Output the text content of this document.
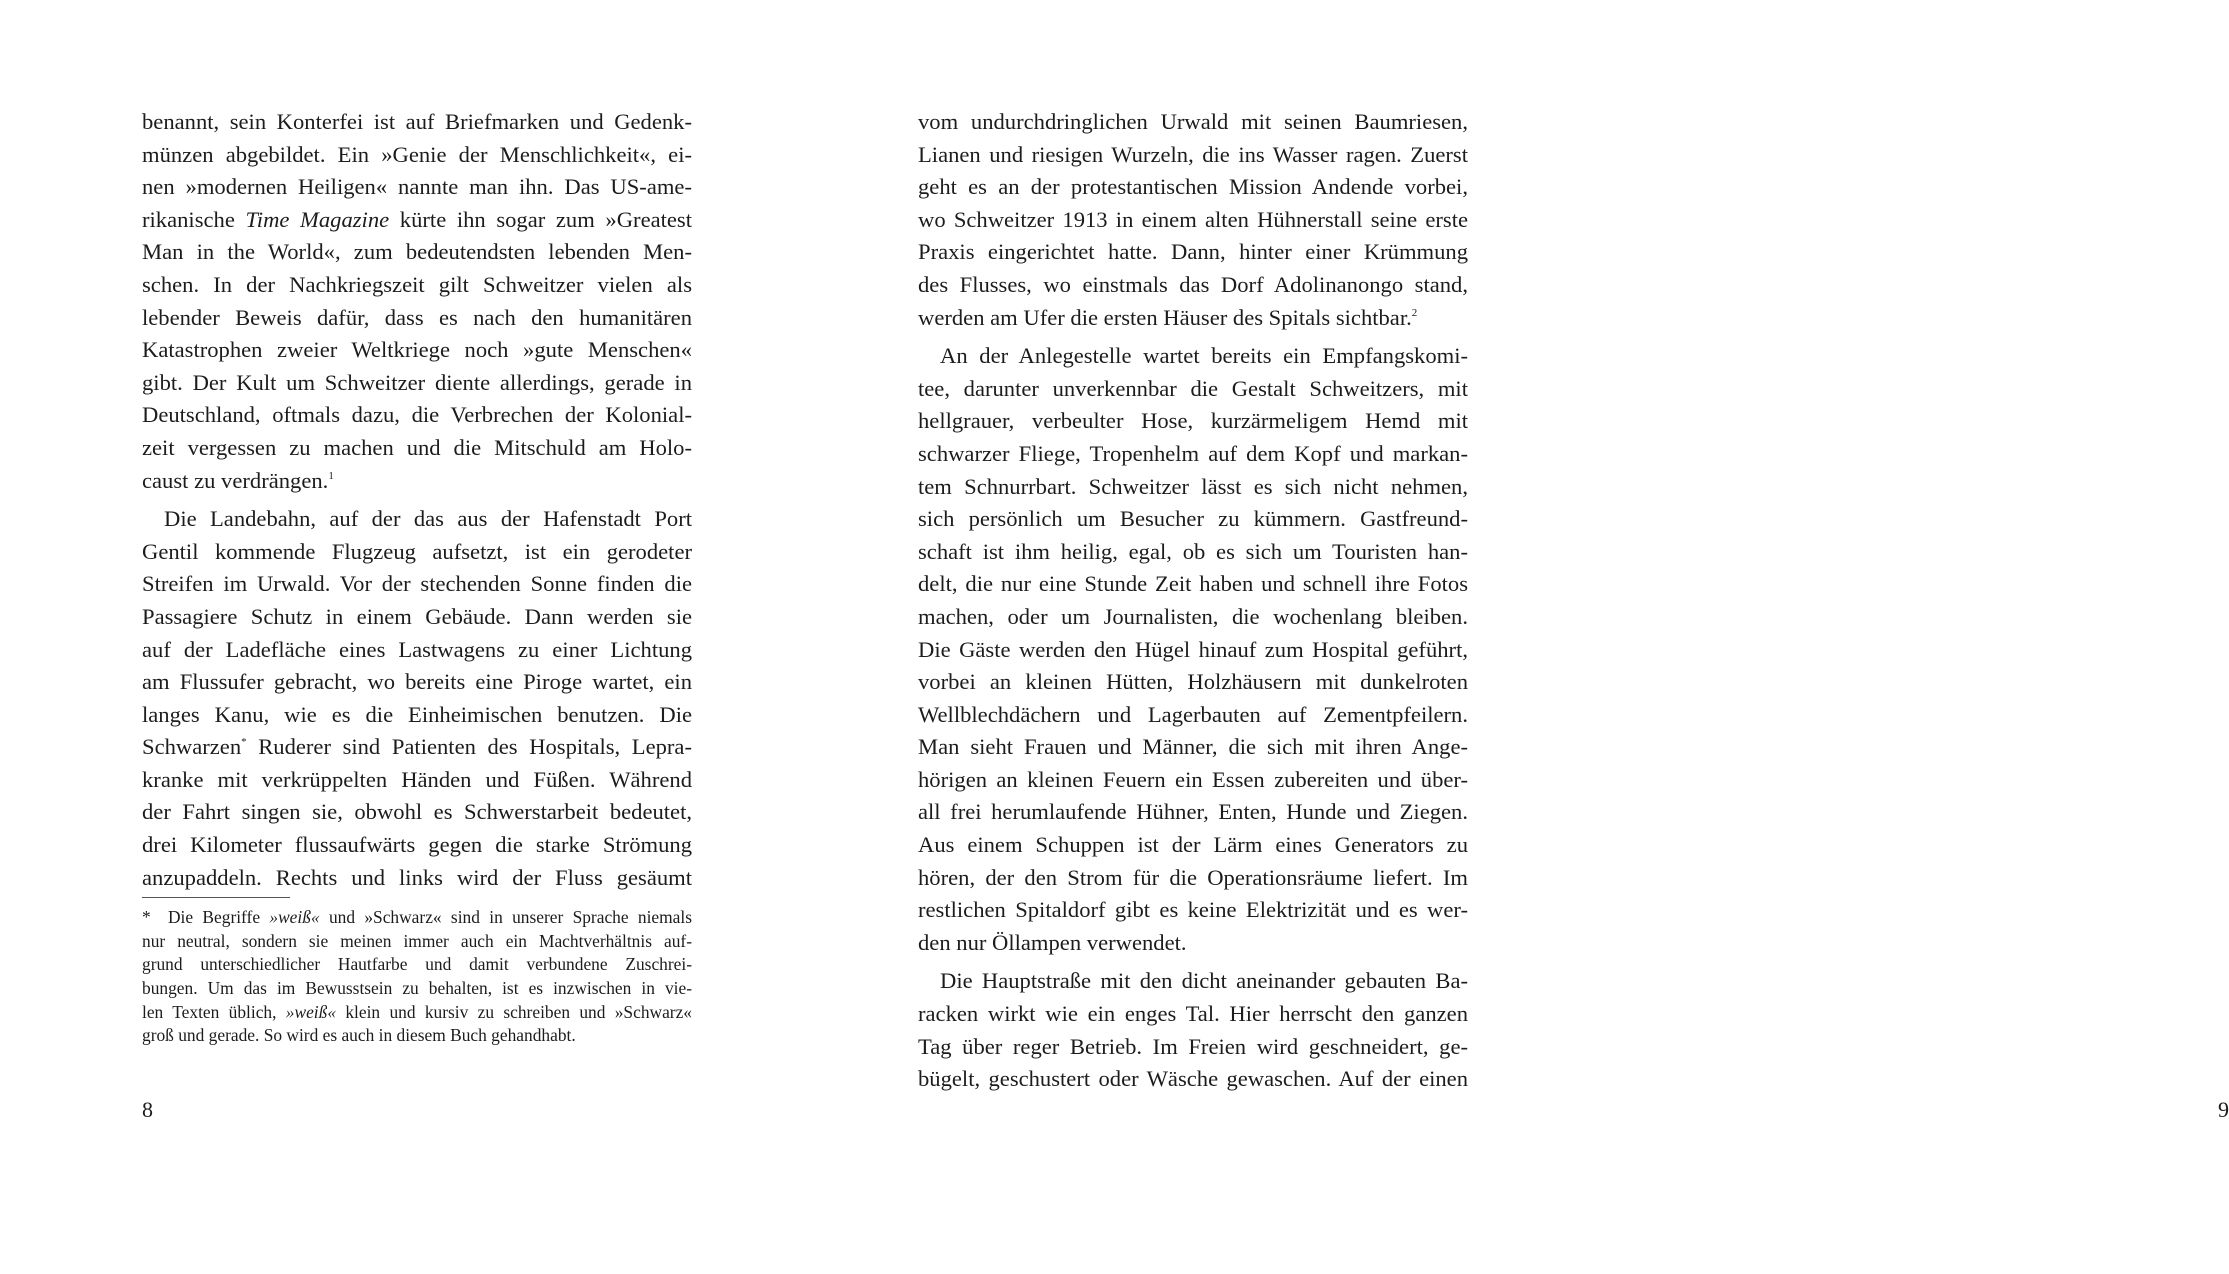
benannt, sein Konterfei ist auf Briefmarken und Gedenk-
münzen abgebildet. Ein »Genie der Menschlichkeit«, ei-
nen »modernen Heiligen« nannte man ihn. Das US-ame-
rikanische Time Magazine kürte ihn sogar zum »Greatest
Man in the World«, zum bedeutendsten lebenden Men-
schen. In der Nachkriegszeit gilt Schweitzer vielen als
lebender Beweis dafür, dass es nach den humanitären
Katastrophen zweier Weltkriege noch »gute Menschen«
gibt. Der Kult um Schweitzer diente allerdings, gerade in
Deutschland, oftmals dazu, die Verbrechen der Kolonial-
zeit vergessen zu machen und die Mitschuld am Holo-
caust zu verdrängen.$^1$
Die Landebahn, auf der das aus der Hafenstadt Port
Gentil kommende Flugzeug aufsetzt, ist ein gerodeter
Streifen im Urwald. Vor der stechenden Sonne finden die
Passagiere Schutz in einem Gebäude. Dann werden sie
auf der Ladefläche eines Lastwagens zu einer Lichtung
am Flussufer gebracht, wo bereits eine Piroge wartet, ein
langes Kanu, wie es die Einheimischen benutzen. Die
Schwarzen* Ruderer sind Patienten des Hospitals, Lepra-
kranke mit verkrüppelten Händen und Füßen. Während
der Fahrt singen sie, obwohl es Schwerstarbeit bedeutet,
drei Kilometer flussaufwärts gegen die starke Strömung
anzupaddeln. Rechts und links wird der Fluss gesäumt
* Die Begriffe »weiß« und »Schwarz« sind in unserer Sprache niemals
nur neutral, sondern sie meinen immer auch ein Machtverhältnis auf-
grund unterschiedlicher Hautfarbe und damit verbundene Zuschrei-
bungen. Um das im Bewusstsein zu behalten, ist es inzwischen in vie-
len Texten üblich, »weiß« klein und kursiv zu schreiben und »Schwarz«
groß und gerade. So wird es auch in diesem Buch gehandhabt.
8
vom undurchdringlichen Urwald mit seinen Baumriesen,
Lianen und riesigen Wurzeln, die ins Wasser ragen. Zuerst
geht es an der protestantischen Mission Andende vorbei,
wo Schweitzer 1913 in einem alten Hühnerstall seine erste
Praxis eingerichtet hatte. Dann, hinter einer Krümmung
des Flusses, wo einstmals das Dorf Adolinanongo stand,
werden am Ufer die ersten Häuser des Spitals sichtbar.$^2$
An der Anlegestelle wartet bereits ein Empfangskomi-
tee, darunter unverkennbar die Gestalt Schweitzers, mit
hellgrauer, verbeulter Hose, kurzärmeligem Hemd mit
schwarzer Fliege, Tropenhelm auf dem Kopf und markan-
tem Schnurrbart. Schweitzer lässt es sich nicht nehmen,
sich persönlich um Besucher zu kümmern. Gastfreund-
schaft ist ihm heilig, egal, ob es sich um Touristen han-
delt, die nur eine Stunde Zeit haben und schnell ihre Fotos
machen, oder um Journalisten, die wochenlang bleiben.
Die Gäste werden den Hügel hinauf zum Hospital geführt,
vorbei an kleinen Hütten, Holzhäusern mit dunkelroten
Wellblechdächern und Lagerbauten auf Zementpfeilern.
Man sieht Frauen und Männer, die sich mit ihren Ange-
hörigen an kleinen Feuern ein Essen zubereiten und über-
all frei herumlaufende Hühner, Enten, Hunde und Ziegen.
Aus einem Schuppen ist der Lärm eines Generators zu
hören, der den Strom für die Operationsräume liefert. Im
restlichen Spitaldorf gibt es keine Elektrizität und es wer-
den nur Öllampen verwendet.
Die Hauptstraße mit den dicht aneinander gebauten Ba-
racken wirkt wie ein enges Tal. Hier herrscht den ganzen
Tag über reger Betrieb. Im Freien wird geschneidert, ge-
bügelt, geschustert oder Wäsche gewaschen. Auf der einen
9
